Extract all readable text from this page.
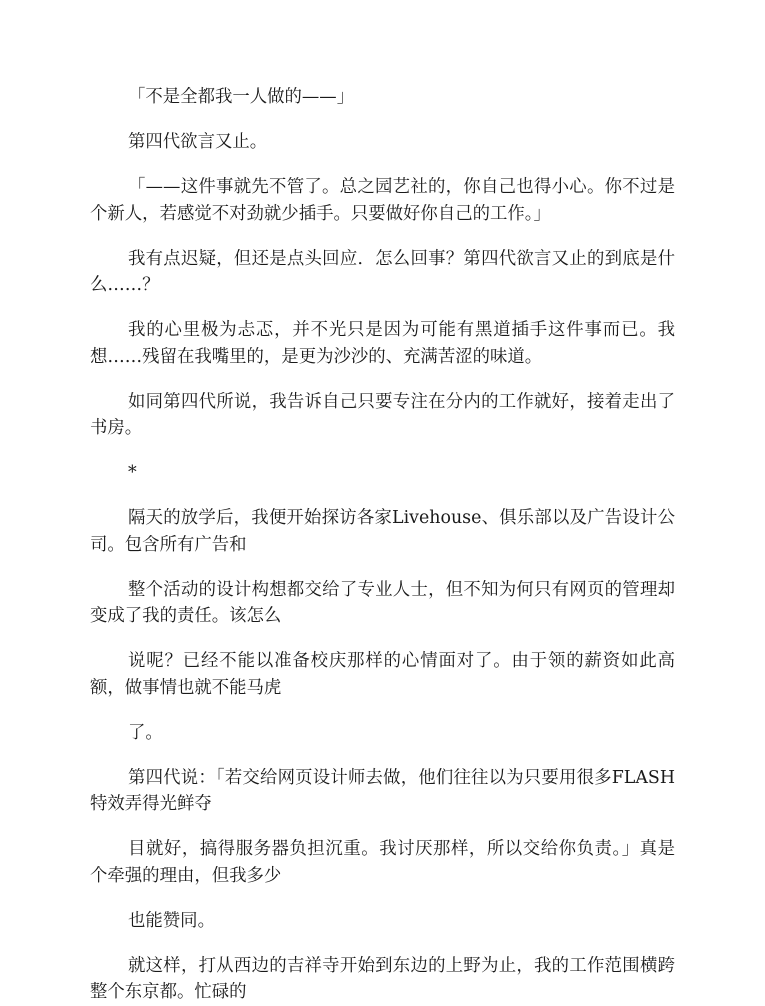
「不是全都我一人做的——」

第四代欲言又止。

「——这件事就先不管了。总之园艺社的，你自己也得小心。你不过是个新人，若感觉不对劲就少插手。只要做好你自己的工作。」

我有点迟疑，但还是点头回应．怎么回事？第四代欲言又止的到底是什么……？

我的心里极为忐忑，并不光只是因为可能有黑道插手这件事而已。我想……残留在我嘴里的，是更为沙沙的、充满苦涩的味道。

如同第四代所说，我告诉自己只要专注在分内的工作就好，接着走出了书房。

*

隔天的放学后，我便开始探访各家Livehouse、俱乐部以及广告设计公司。包含所有广告和

整个活动的设计构想都交给了专业人士，但不知为何只有网页的管理却变成了我的责任。该怎么

说呢？已经不能以准备校庆那样的心情面对了。由于领的薪资如此高额，做事情也就不能马虎

了。

第四代说：「若交给网页设计师去做，他们往往以为只要用很多FLASH特效弄得光鲜夺

目就好，搞得服务器负担沉重。我讨厌那样，所以交给你负责。」真是个牵强的理由，但我多少

也能赞同。

就这样，打从西边的吉祥寺开始到东边的上野为止，我的工作范围横跨整个东京都。忙碌的
